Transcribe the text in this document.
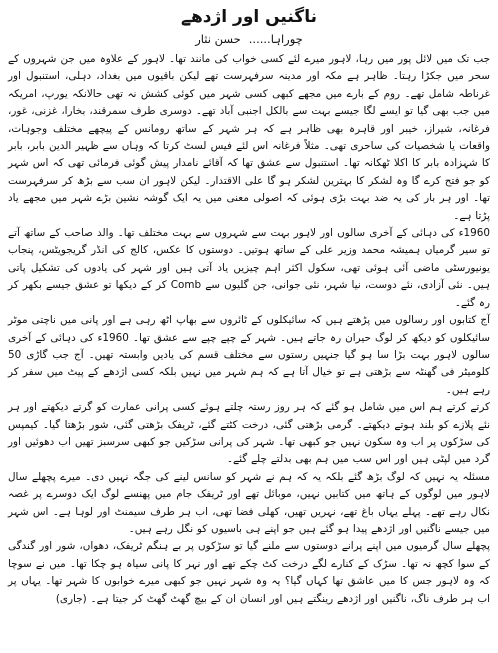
ناگنیں اور اژدھے
چوراہا......
حسن نثار

جب تک میں لائل پور میں رہا، لاہور میرے لئے کسی خواب کی مانند تھا۔ لاہور کے علاوہ میں جن شہروں کے سحر میں جکڑا رہتا۔ ظاہر ہے مکہ اور مدینہ سرفہرست تھے لیکن باقیوں میں بغداد، دہلی، استنبول اور غرناطہ شامل تھے۔ روم کے بارے میں مجھے کبھی کسی شہر میں کوئی کشش نہ تھی حالانکہ یورپ، امریکہ میں جب بھی گیا تو ایسے لگا جیسے بہت سے بالکل اجنبی آباد تھے۔ دوسری طرف سمرقند، بخارا، غزنی، غور، فرغانہ، شیراز، خیبر اور قاہرہ بھی ظاہر ہے کہ ہر شہر کے ساتھ رومانس کے پیچھے مختلف وجوہات، واقعات یا شخصیات کی ساحری تھی۔ مثلاً فرغانہ اس لئے فیس لسٹ کرتا کہ وہاں سے ظہیر الدین بابر، بابر کا شہزادہ بابر کا اکلا ٹھکانہ تھا۔ استنبول سے عشق تھا کہ آقائے نامدار پیش گوئی فرمائی تھی کہ اس شہر کو جو فتح کرے گا وہ لشکر کا بہترین لشکر ہو گا علی الاقتدار۔ لیکن لاہور ان سب سے بڑھ کر سرفہرست تھا۔ اور ہر بار کی یہ ضد بہت بڑی ہوئی کہ اصولی معنی میں یہ ایک گوشہ نشین بڑے شہر میں مجھے یاد پڑتا ہے۔

1960ء کی دہائی کے آخری سالوں اور لاہور بہت سے شہروں سے بہت مختلف تھا۔ والد صاحب کے ساتھ آتے تو سیر گرمیاں ہمیشہ محمد وزیر علی کے ساتھ ہوتیں۔ دوستوں کا عکس، کالج کی انڈر گریجویٹس، پنجاب یونیورسٹی ماضی آئی ہوئی تھی، سکول اکثر اہم چیزیں یاد آتی ہیں اور شہر کی یادوں کی تشکیل پاتی ہیں۔ نئی آزادی، نئے دوست، نیا شہر، نئی جوانی، جن گلیوں سے Comb کر کے دیکھا تو عشق جیسے بکھر کر رہ گئے۔

آج کتابوں اور رسالوں میں پڑھتے ہیں کہ سائیکلوں کے ٹائروں سے بھاپ اٹھ رہی ہے اور پانی میں ناچتی موٹر سائیکلوں کو دیکھ کر لوگ حیران رہ جاتے ہیں۔ شہر کے چپے چپے سے عشق تھا۔ 1960ء کی دہائی کے آخری سالوں لاہور بہت بڑا سا ہو گیا جنہیں رستوں سے مختلف قسم کی یادیں وابستہ تھیں۔ آج جب گاڑی 50 کلومیٹر فی گھنٹہ سے بڑھتی ہے تو خیال آتا ہے کہ ہم شہر میں نہیں بلکہ کسی اژدھے کے پیٹ میں سفر کر رہے ہیں۔

کرتے کرتے ہم اس میں شامل ہو گئے کہ ہر روز رستہ چلتے ہوئے کسی پرانی عمارت کو گرتے دیکھتے اور ہر نئے پلازے کو بلند ہوتے دیکھتے۔ گرمی بڑھتی گئی، درخت کٹتے گئے، ٹریفک بڑھتی گئی، شور بڑھتا گیا۔ کیمپس کی سڑکوں پر اب وہ سکون نہیں جو کبھی تھا۔ شہر کی پرانی سڑکیں جو کبھی سرسبز تھیں اب دھوئیں اور گرد میں لپٹی ہیں اور اس سب میں ہم بھی بدلتے چلے گئے۔

مسئلہ یہ نہیں کہ لوگ بڑھ گئے بلکہ یہ کہ ہم نے شہر کو سانس لینے کی جگہ نہیں دی۔ میرے پچھلے سال لاہور میں لوگوں کے ہاتھ میں کتابیں نہیں، موبائل تھے اور ٹریفک جام میں پھنسے لوگ ایک دوسرے پر غصہ نکال رہے تھے۔ پہلے یہاں باغ تھے، نہریں تھیں، کھلی فضا تھی، اب ہر طرف سیمنٹ اور لوہا ہے۔ اس شہر میں جیسے ناگنیں اور اژدھے پیدا ہو گئے ہیں جو اپنے ہی باسیوں کو نگل رہے ہیں۔

پچھلے سال گرمیوں میں اپنے پرانے دوستوں سے ملنے گیا تو سڑکوں پر بے ہنگم ٹریفک، دھواں، شور اور گندگی کے سوا کچھ نہ تھا۔ سڑک کے کنارے لگے درخت کٹ چکے تھے اور نہر کا پانی سیاہ ہو چکا تھا۔ میں نے سوچا کہ وہ لاہور جس کا میں عاشق تھا کہاں گیا؟ یہ وہ شہر نہیں جو کبھی میرے خوابوں کا شہر تھا۔ یہاں پر اب ہر طرف ناگ، ناگنیں اور اژدھے رینگتے ہیں اور انسان ان کے بیچ گھٹ گھٹ کر جیتا ہے۔ (جاری)
